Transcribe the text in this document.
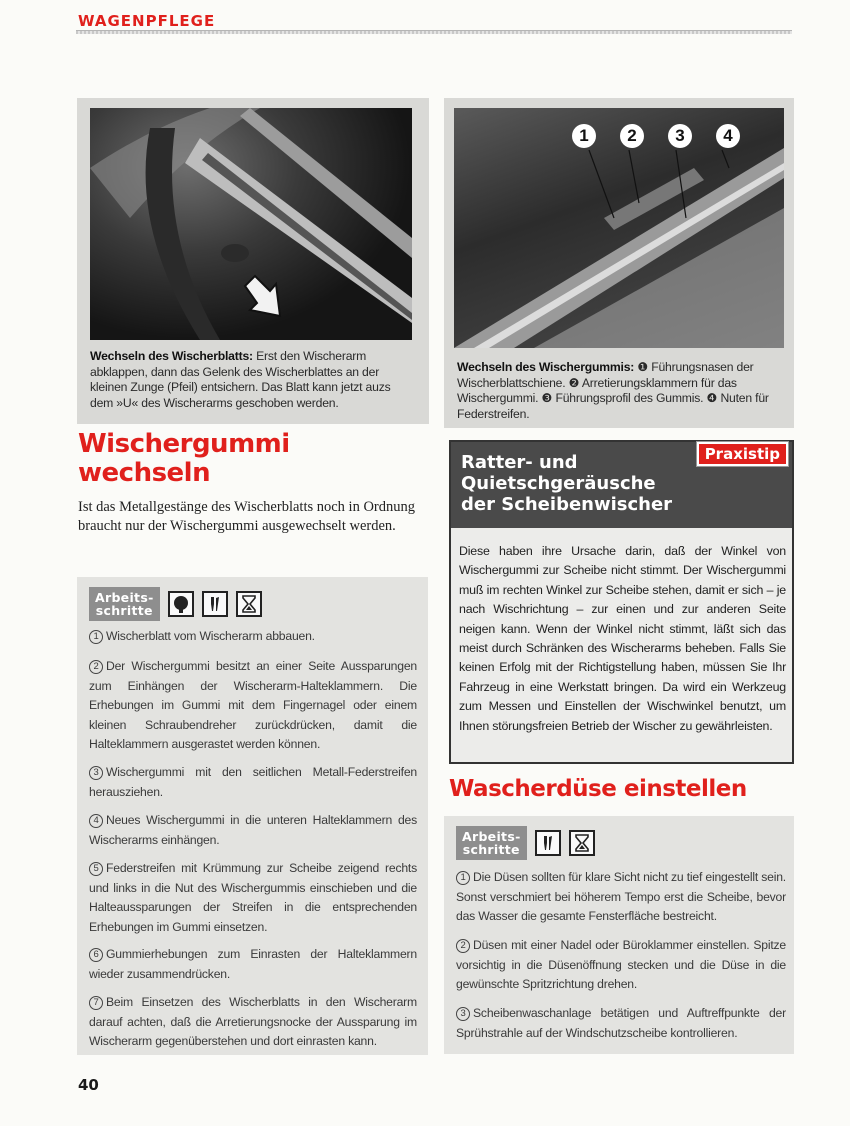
WAGENPFLEGE
Wechseln des Wischerblatts: Erst den Wischerarm abklappen, dann das Gelenk des Wischerblattes an der kleinen Zunge (Pfeil) entsichern. Das Blatt kann jetzt auzs dem »U« des Wischerarms geschoben werden.
1	2	3	4
Wechseln des Wischergummis: ❶ Führungsnasen der Wischerblattschiene. ❷ Arretierungsklammern für das Wischergummi. ❸ Führungsprofil des Gummis. ❹ Nuten für Federstreifen.
Wischergummi
wechseln
Ist das Metallgestänge des Wischerblatts noch in Ordnung braucht nur der Wischergummi ausgewechselt werden.
Arbeits-
schritte
1 Wischerblatt vom Wischerarm abbauen.
2 Der Wischergummi besitzt an einer Seite Aussparungen zum Einhängen der Wischerarm-Halteklammern. Die Erhebungen im Gummi mit dem Fingernagel oder einem kleinen Schraubendreher zurückdrücken, damit die Halteklammern ausgerastet werden können.
3 Wischergummi mit den seitlichen Metall-Federstreifen herausziehen.
4 Neues Wischergummi in die unteren Halteklammern des Wischerarms einhängen.
5 Federstreifen mit Krümmung zur Scheibe zeigend rechts und links in die Nut des Wischergummis einschieben und die Halteaussparungen der Streifen in die entsprechenden Erhebungen im Gummi einsetzen.
6 Gummierhebungen zum Einrasten der Halteklammern wieder zusammendrücken.
7 Beim Einsetzen des Wischerblatts in den Wischerarm darauf achten, daß die Arretierungsnocke der Aussparung im Wischerarm gegenüberstehen und dort einrasten kann.
Ratter- und
Quietschgeräusche
der Scheibenwischer
Praxistip
Diese haben ihre Ursache darin, daß der Winkel von Wischergummi zur Scheibe nicht stimmt. Der Wischergummi muß im rechten Winkel zur Scheibe stehen, damit er sich – je nach Wischrichtung – zur einen und zur anderen Seite neigen kann. Wenn der Winkel nicht stimmt, läßt sich das meist durch Schränken des Wischerarms beheben. Falls Sie keinen Erfolg mit der Richtigstellung haben, müssen Sie Ihr Fahrzeug in eine Werkstatt bringen. Da wird ein Werkzeug zum Messen und Einstellen der Wischwinkel benutzt, um Ihnen störungsfreien Betrieb der Wischer zu gewährleisten.
Wascherdüse einstellen
Arbeits-
schritte
1 Die Düsen sollten für klare Sicht nicht zu tief eingestellt sein. Sonst verschmiert bei höherem Tempo erst die Scheibe, bevor das Wasser die gesamte Fensterfläche bestreicht.
2 Düsen mit einer Nadel oder Büroklammer einstellen. Spitze vorsichtig in die Düsenöffnung stecken und die Düse in die gewünschte Spritzrichtung drehen.
3 Scheibenwaschanlage betätigen und Auftreffpunkte der Sprühstrahle auf der Windschutzscheibe kontrollieren.
40
